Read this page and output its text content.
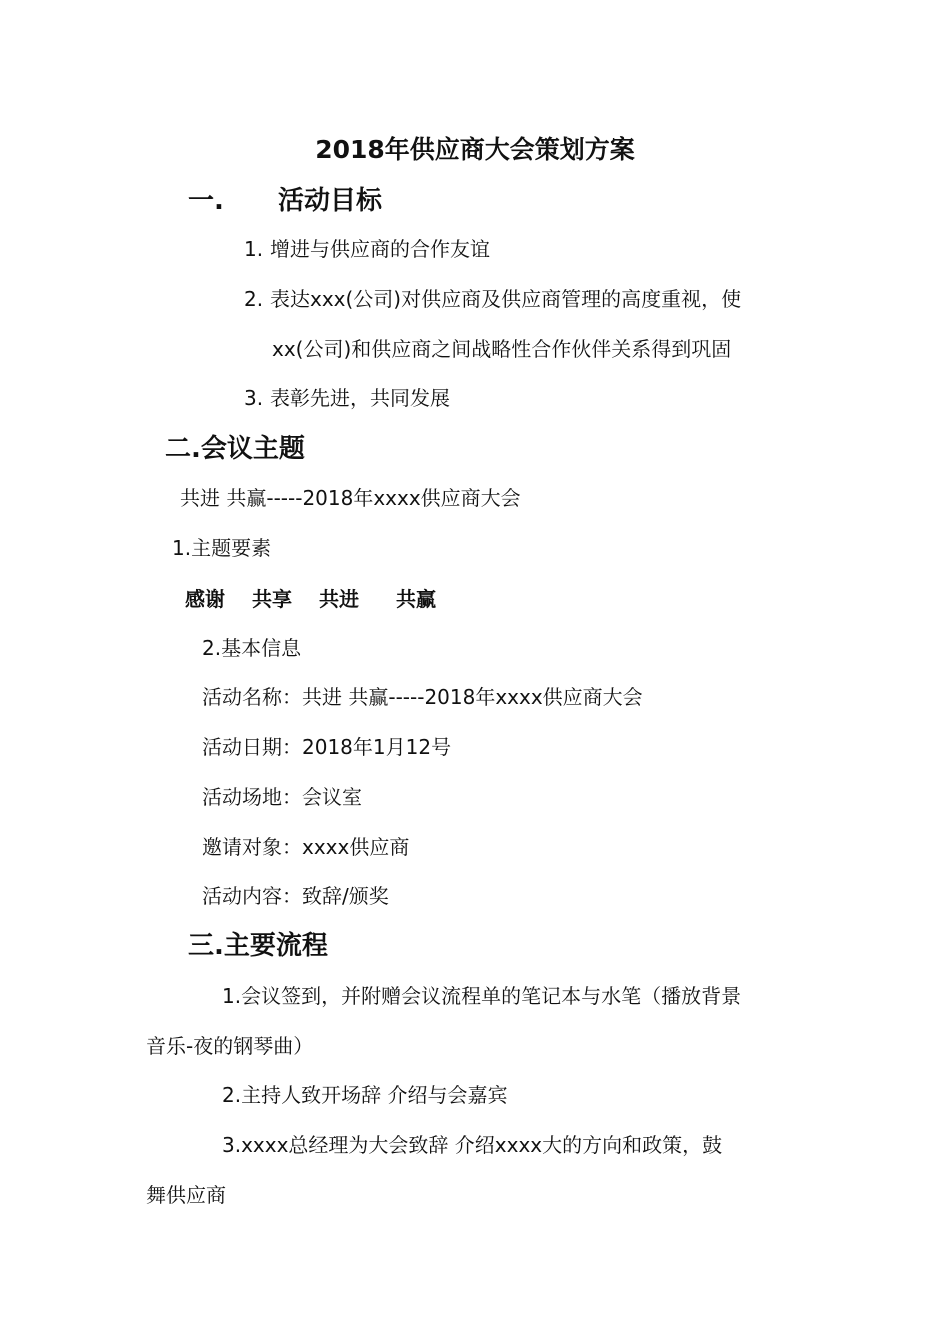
2018年供应商大会策划方案
一. 活动目标
1. 增进与供应商的合作友谊
2. 表达xxx(公司)对供应商及供应商管理的高度重视，使
xx(公司)和供应商之间战略性合作伙伴关系得到巩固
3. 表彰先进，共同发展
二.会议主题
共进 共赢-----2018年xxxx供应商大会
1.主题要素
感谢 共享 共进 共赢
2.基本信息
活动名称：共进 共赢-----2018年xxxx供应商大会
活动日期：2018年1月12号
活动场地：会议室
邀请对象：xxxx供应商
活动内容：致辞/颁奖
三.主要流程
1.会议签到，并附赠会议流程单的笔记本与水笔（播放背景
音乐-夜的钢琴曲）
2.主持人致开场辞 介绍与会嘉宾
3.xxxx总经理为大会致辞 介绍xxxx大的方向和政策，鼓
舞供应商
